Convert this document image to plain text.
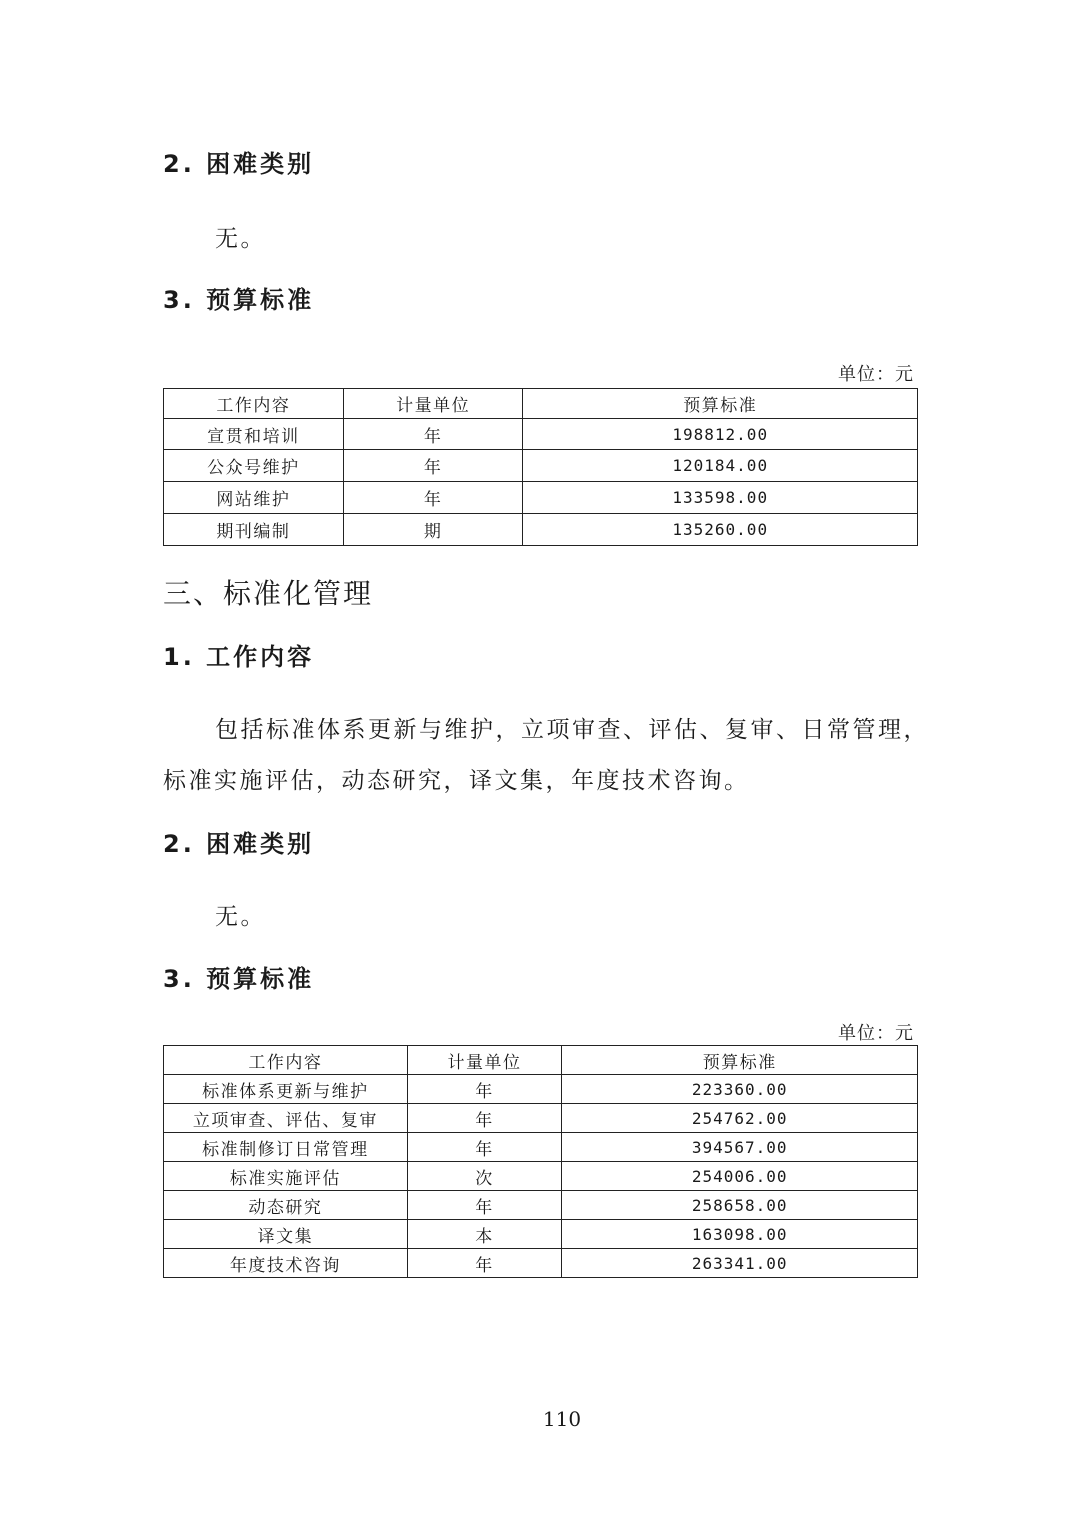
2. 困难类别
无。
3. 预算标准
单位：元
工作内容	计量单位	预算标准
宣贯和培训	年	198812.00
公众号维护	年	120184.00
网站维护	年	133598.00
期刊编制	期	135260.00
三、标准化管理
1. 工作内容
包括标准体系更新与维护，立项审查、评估、复审、日常管理，
标准实施评估，动态研究，译文集，年度技术咨询。
2. 困难类别
无。
3. 预算标准
单位：元
工作内容	计量单位	预算标准
标准体系更新与维护	年	223360.00
立项审查、评估、复审	年	254762.00
标准制修订日常管理	年	394567.00
标准实施评估	次	254006.00
动态研究	年	258658.00
译文集	本	163098.00
年度技术咨询	年	263341.00
110
